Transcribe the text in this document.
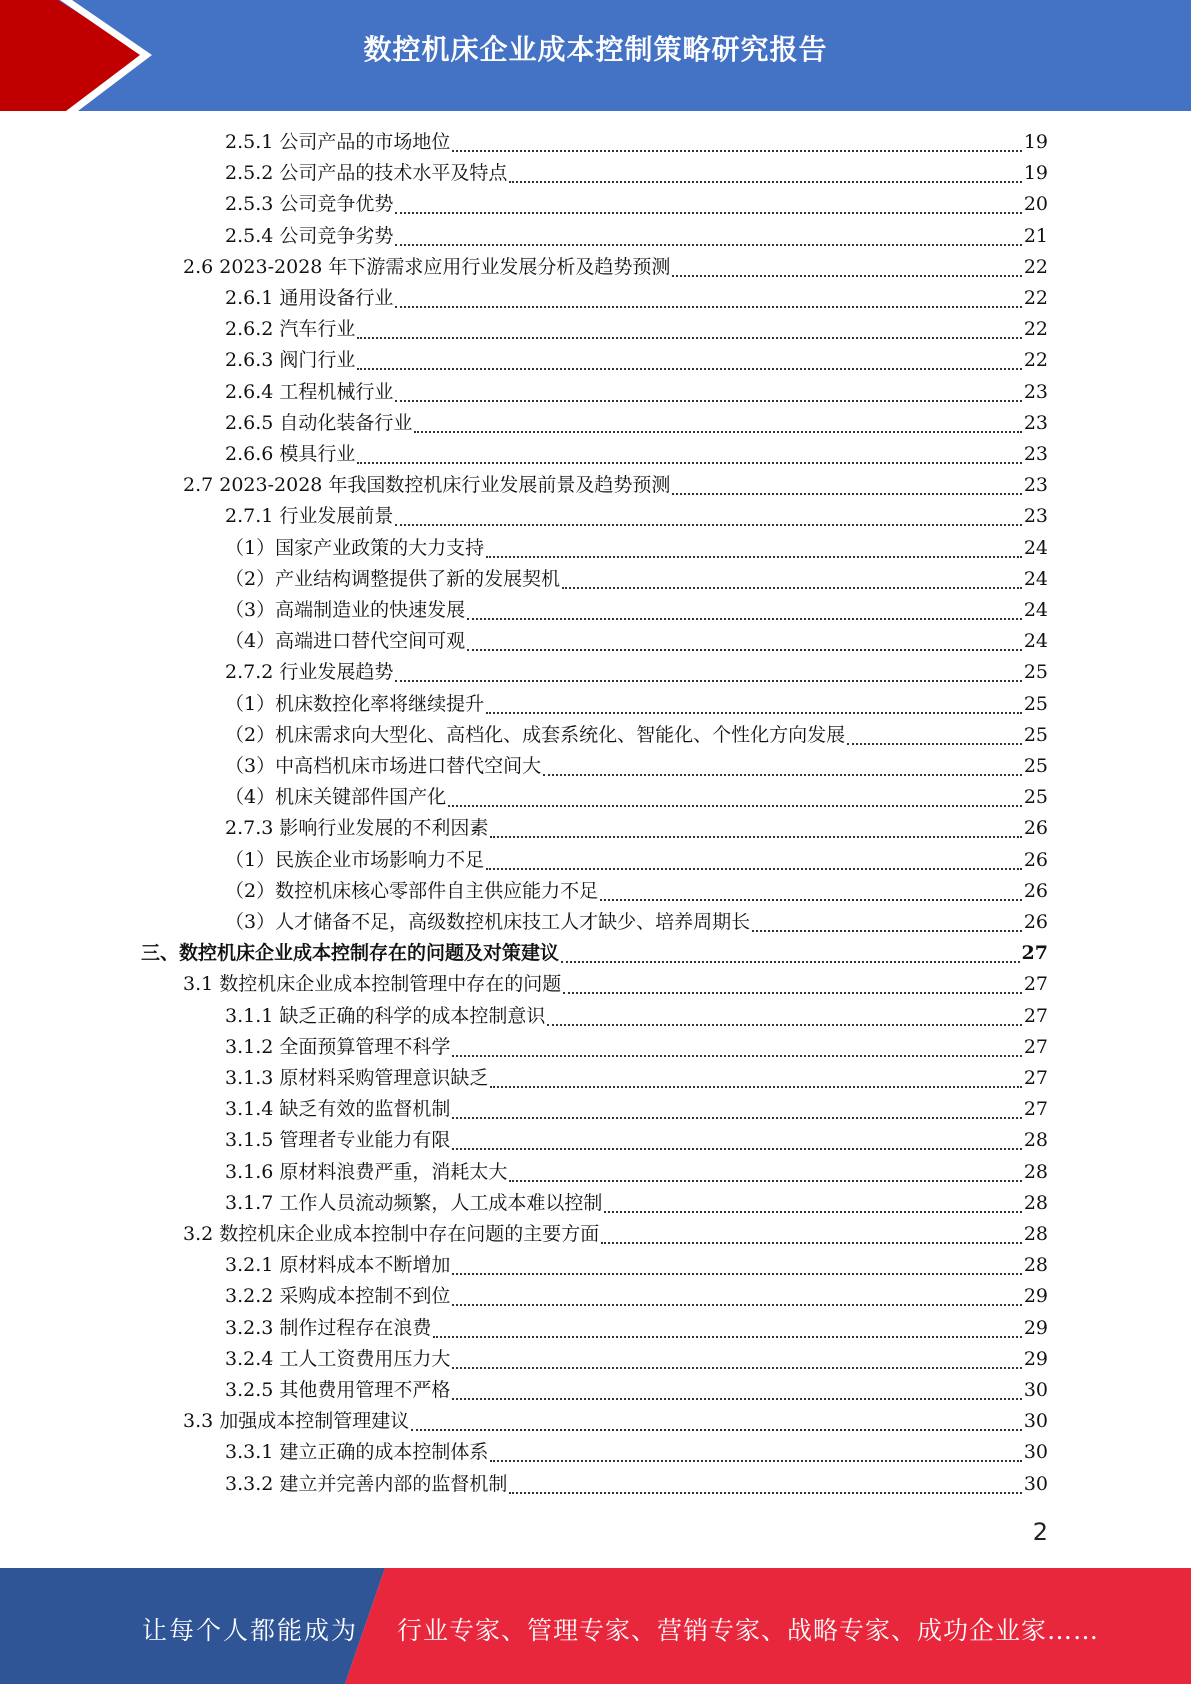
数控机床企业成本控制策略研究报告
2.5.1 公司产品的市场地位	19
2.5.2 公司产品的技术水平及特点	19
2.5.3 公司竞争优势	20
2.5.4 公司竞争劣势	21
2.6 2023-2028 年下游需求应用行业发展分析及趋势预测	22
2.6.1 通用设备行业	22
2.6.2 汽车行业	22
2.6.3 阀门行业	22
2.6.4 工程机械行业	23
2.6.5 自动化装备行业	23
2.6.6 模具行业	23
2.7 2023-2028 年我国数控机床行业发展前景及趋势预测	23
2.7.1 行业发展前景	23
（1）国家产业政策的大力支持	24
（2）产业结构调整提供了新的发展契机	24
（3）高端制造业的快速发展	24
（4）高端进口替代空间可观	24
2.7.2 行业发展趋势	25
（1）机床数控化率将继续提升	25
（2）机床需求向大型化、高档化、成套系统化、智能化、个性化方向发展	25
（3）中高档机床市场进口替代空间大	25
（4）机床关键部件国产化	25
2.7.3 影响行业发展的不利因素	26
（1）民族企业市场影响力不足	26
（2）数控机床核心零部件自主供应能力不足	26
（3）人才储备不足，高级数控机床技工人才缺少、培养周期长	26
三、数控机床企业成本控制存在的问题及对策建议	27
3.1 数控机床企业成本控制管理中存在的问题	27
3.1.1 缺乏正确的科学的成本控制意识	27
3.1.2 全面预算管理不科学	27
3.1.3 原材料采购管理意识缺乏	27
3.1.4 缺乏有效的监督机制	27
3.1.5 管理者专业能力有限	28
3.1.6 原材料浪费严重，消耗太大	28
3.1.7 工作人员流动频繁，人工成本难以控制	28
3.2 数控机床企业成本控制中存在问题的主要方面	28
3.2.1 原材料成本不断增加	28
3.2.2 采购成本控制不到位	29
3.2.3 制作过程存在浪费	29
3.2.4 工人工资费用压力大	29
3.2.5 其他费用管理不严格	30
3.3 加强成本控制管理建议	30
3.3.1 建立正确的成本控制体系	30
3.3.2 建立并完善内部的监督机制	30
2
让每个人都能成为 行业专家、管理专家、营销专家、战略专家、成功企业家……
